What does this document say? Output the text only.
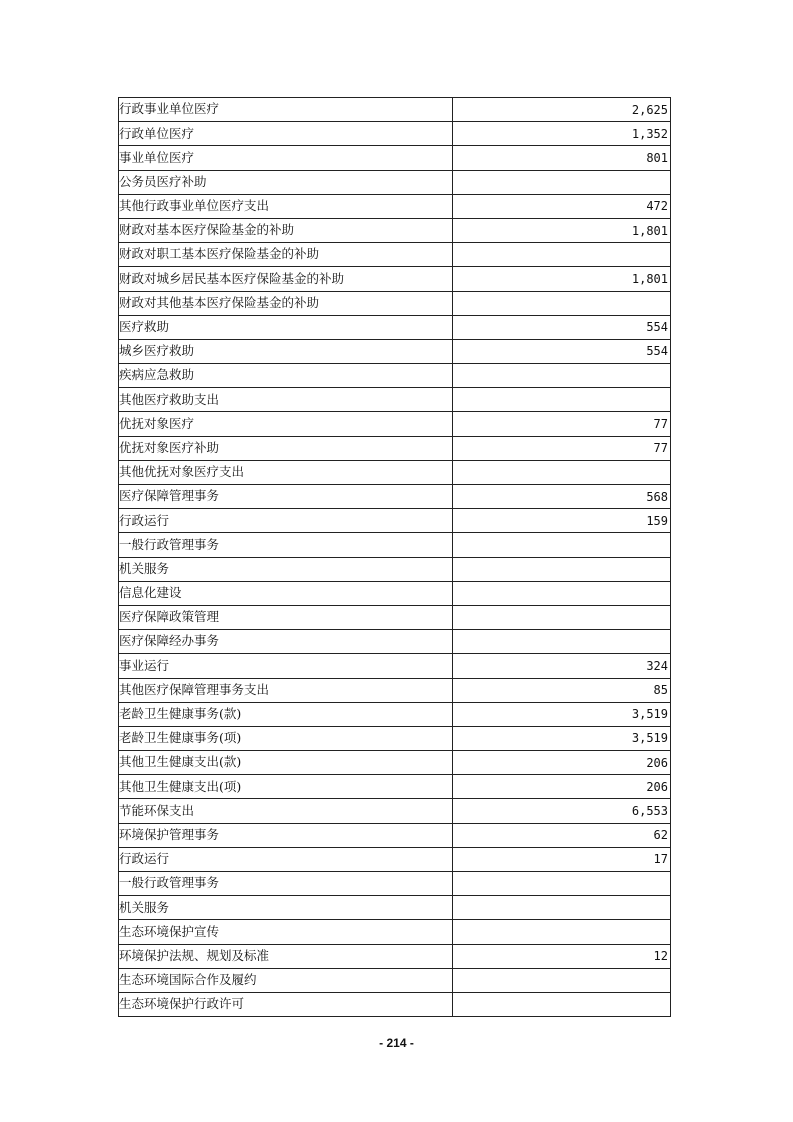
行政事业单位医疗	2,625
行政单位医疗	1,352
事业单位医疗	801
公务员医疗补助	
其他行政事业单位医疗支出	472
财政对基本医疗保险基金的补助	1,801
财政对职工基本医疗保险基金的补助	
财政对城乡居民基本医疗保险基金的补助	1,801
财政对其他基本医疗保险基金的补助	
医疗救助	554
城乡医疗救助	554
疾病应急救助	
其他医疗救助支出	
优抚对象医疗	77
优抚对象医疗补助	77
其他优抚对象医疗支出	
医疗保障管理事务	568
行政运行	159
一般行政管理事务	
机关服务	
信息化建设	
医疗保障政策管理	
医疗保障经办事务	
事业运行	324
其他医疗保障管理事务支出	85
老龄卫生健康事务(款)	3,519
老龄卫生健康事务(项)	3,519
其他卫生健康支出(款)	206
其他卫生健康支出(项)	206
节能环保支出	6,553
环境保护管理事务	62
行政运行	17
一般行政管理事务	
机关服务	
生态环境保护宣传	
环境保护法规、规划及标准	12
生态环境国际合作及履约	
生态环境保护行政许可	
- 214 -
